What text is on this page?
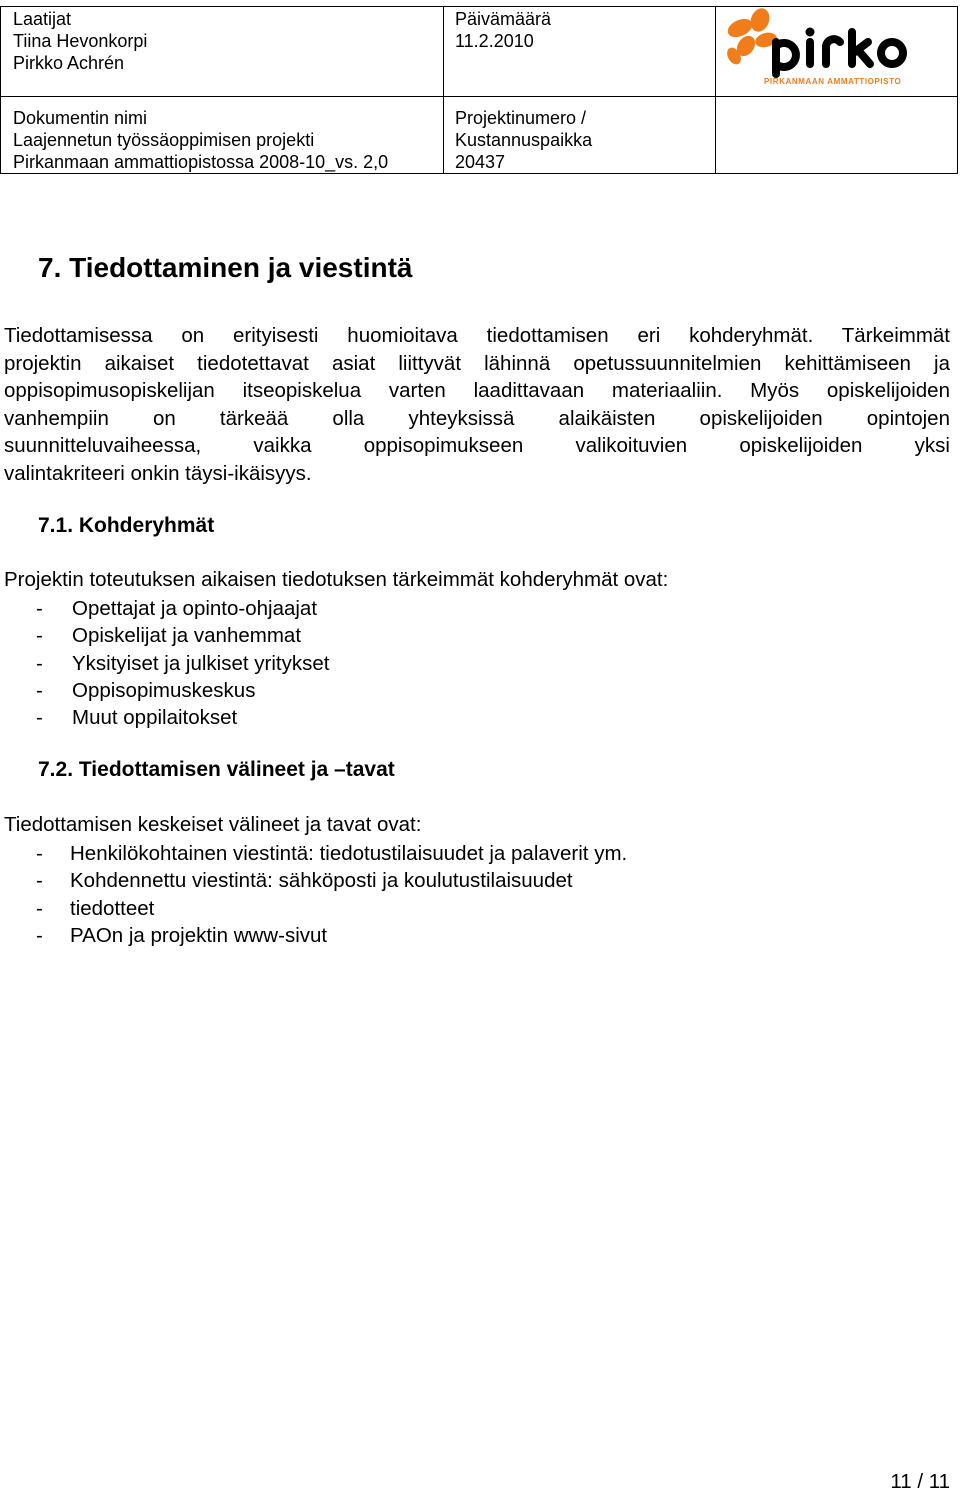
Laatijat
Tiina Hevonkorpi
Pirkko Achrén
Päivämäärä
11.2.2010
Dokumentin nimi
Laajennetun työssäoppimisen projekti
Pirkanmaan ammattiopistossa 2008-10_vs. 2,0
Projektinumero /
Kustannuspaikka
20437
PIRKANMAAN AMMATTIOPISTO
7. Tiedottaminen ja viestintä
Tiedottamisessa on erityisesti huomioitava tiedottamisen eri kohderyhmät. Tärkeimmät
projektin aikaiset tiedotettavat asiat liittyvät lähinnä opetussuunnitelmien kehittämiseen ja
oppisopimusopiskelijan itseopiskelua varten laadittavaan materiaaliin. Myös opiskelijoiden
vanhempiin on tärkeää olla yhteyksissä alaikäisten opiskelijoiden opintojen
suunnitteluvaiheessa, vaikka oppisopimukseen valikoituvien opiskelijoiden yksi
valintakriteeri onkin täysi-ikäisyys.
7.1. Kohderyhmät
Projektin toteutuksen aikaisen tiedotuksen tärkeimmät kohderyhmät ovat:
- Opettajat ja opinto-ohjaajat
- Opiskelijat ja vanhemmat
- Yksityiset ja julkiset yritykset
- Oppisopimuskeskus
- Muut oppilaitokset
7.2. Tiedottamisen välineet ja –tavat
Tiedottamisen keskeiset välineet ja tavat ovat:
- Henkilökohtainen viestintä: tiedotustilaisuudet ja palaverit ym.
- Kohdennettu viestintä: sähköposti ja koulutustilaisuudet
- tiedotteet
- PAOn ja projektin www-sivut
11 / 11
